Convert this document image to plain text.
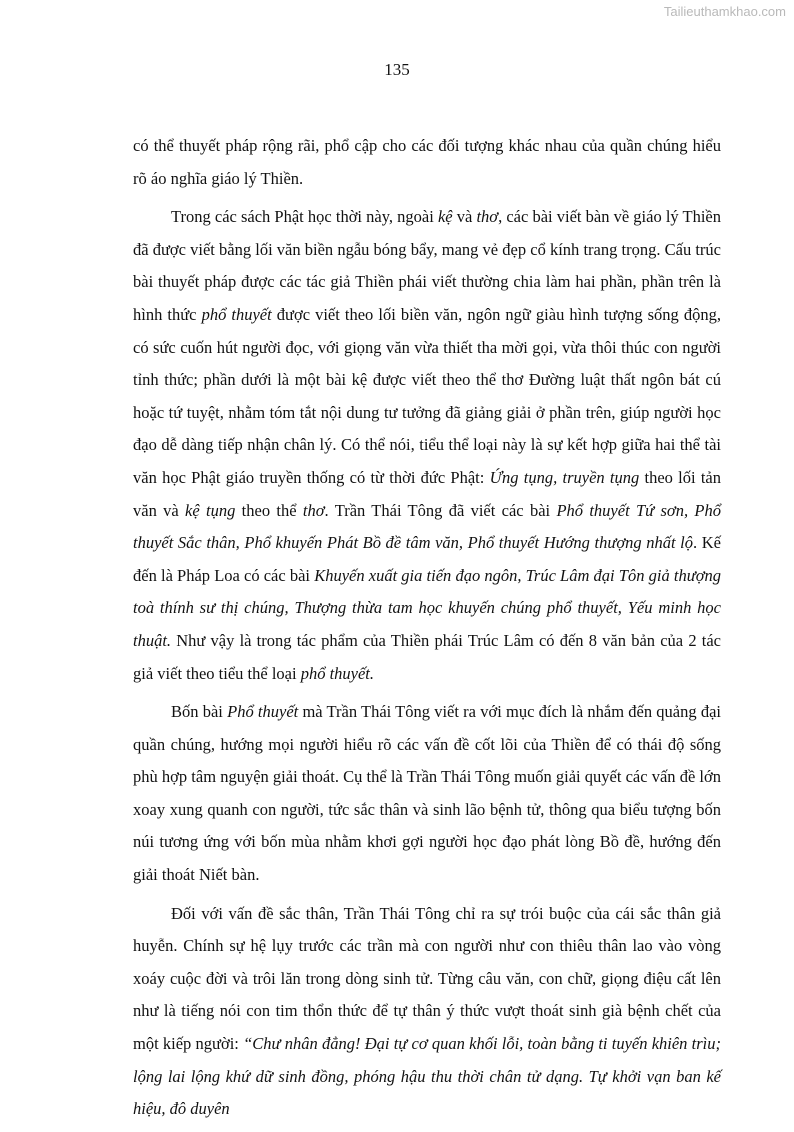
Tailieuthamkhao.com
135

có thể thuyết pháp rộng rãi, phổ cập cho các đối tượng khác nhau của quần chúng hiểu rõ áo nghĩa giáo lý Thiền.

Trong các sách Phật học thời này, ngoài kệ và thơ, các bài viết bàn về giáo lý Thiền đã được viết bằng lối văn biền ngẫu bóng bẩy, mang vẻ đẹp cổ kính trang trọng. Cấu trúc bài thuyết pháp được các tác giả Thiền phái viết thường chia làm hai phần, phần trên là hình thức phổ thuyết được viết theo lối biền văn, ngôn ngữ giàu hình tượng sống động, có sức cuốn hút người đọc, với giọng văn vừa thiết tha mời gọi, vừa thôi thúc con người tỉnh thức; phần dưới là một bài kệ được viết theo thể thơ Đường luật thất ngôn bát cú hoặc tứ tuyệt, nhằm tóm tắt nội dung tư tưởng đã giảng giải ở phần trên, giúp người học đạo dễ dàng tiếp nhận chân lý. Có thể nói, tiểu thể loại này là sự kết hợp giữa hai thể tài văn học Phật giáo truyền thống có từ thời đức Phật: Ứng tụng, truyền tụng theo lối tản văn và kệ tụng theo thể thơ. Trần Thái Tông đã viết các bài Phổ thuyết Tứ sơn, Phổ thuyết Sắc thân, Phổ khuyến Phát Bồ đề tâm văn, Phổ thuyết Hướng thượng nhất lộ. Kế đến là Pháp Loa có các bài Khuyến xuất gia tiến đạo ngôn, Trúc Lâm đại Tôn giả thượng toà thính sư thị chúng, Thượng thừa tam học khuyến chúng phổ thuyết, Yếu minh học thuật. Như vậy là trong tác phẩm của Thiền phái Trúc Lâm có đến 8 văn bản của 2 tác giả viết theo tiểu thể loại phổ thuyết.

Bốn bài Phổ thuyết mà Trần Thái Tông viết ra với mục đích là nhắm đến quảng đại quần chúng, hướng mọi người hiểu rõ các vấn đề cốt lõi của Thiền để có thái độ sống phù hợp tâm nguyện giải thoát. Cụ thể là Trần Thái Tông muốn giải quyết các vấn đề lớn xoay xung quanh con người, tức sắc thân và sinh lão bệnh tử, thông qua biểu tượng bốn núi tương ứng với bốn mùa nhằm khơi gợi người học đạo phát lòng Bồ đề, hướng đến giải thoát Niết bàn.

Đối với vấn đề sắc thân, Trần Thái Tông chỉ ra sự trói buộc của cái sắc thân giả huyễn. Chính sự hệ lụy trước các trần mà con người như con thiêu thân lao vào vòng xoáy cuộc đời và trôi lăn trong dòng sinh tử. Từng câu văn, con chữ, giọng điệu cất lên như là tiếng nói con tim thổn thức để tự thân ý thức vượt thoát sinh già bệnh chết của một kiếp người: “Chư nhân đẳng! Đại tự cơ quan khối lỗi, toàn bằng ti tuyến khiên trìu; lộng lai lộng khứ dữ sinh đồng, phóng hậu thu thời chân tử dạng. Tự khởi vạn ban kế hiệu, đô duyên
